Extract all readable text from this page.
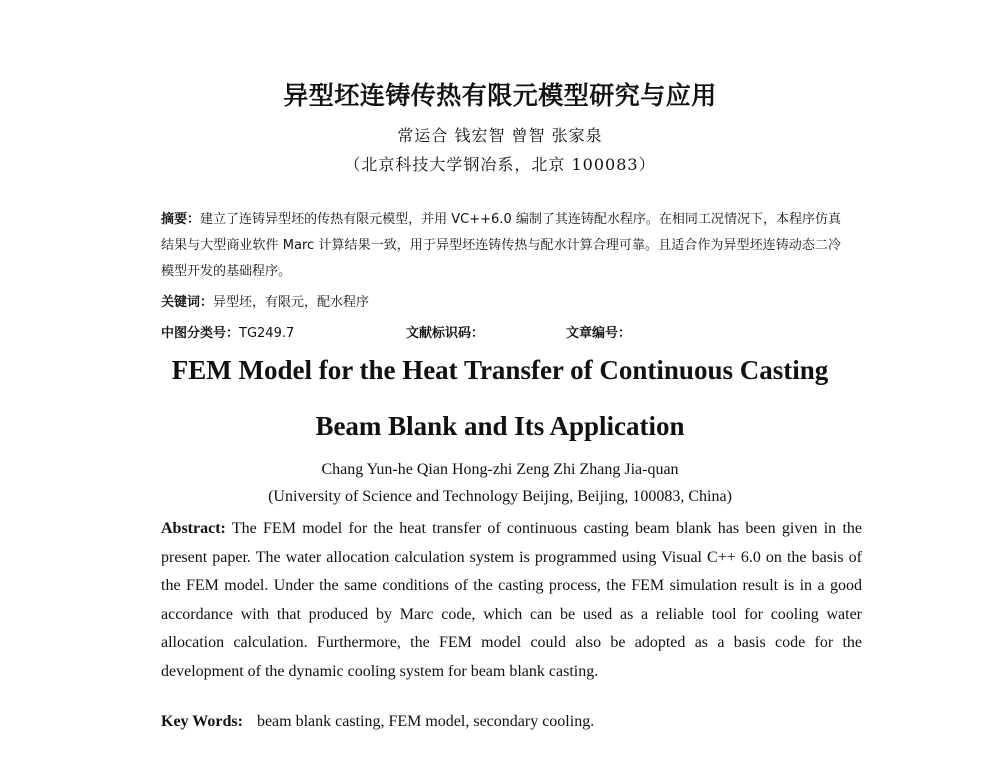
异型坯连铸传热有限元模型研究与应用
常运合 钱宏智 曾智 张家泉
（北京科技大学钢冶系，北京 100083）
摘要：建立了连铸异型坯的传热有限元模型，并用 VC++6.0 编制了其连铸配水程序。在相同工况情况下，本程序仿真结果与大型商业软件 Marc 计算结果一致，用于异型坯连铸传热与配水计算合理可靠。且适合作为异型坯连铸动态二冷模型开发的基础程序。
关键词：异型坯，有限元，配水程序
中图分类号：TG249.7	文献标识码：	文章编号：
FEM Model for the Heat Transfer of Continuous Casting
Beam Blank and Its Application
Chang Yun-he Qian Hong-zhi Zeng Zhi Zhang Jia-quan
(University of Science and Technology Beijing, Beijing, 100083, China)
Abstract: The FEM model for the heat transfer of continuous casting beam blank has been given in the present paper. The water allocation calculation system is programmed using Visual C++ 6.0 on the basis of the FEM model. Under the same conditions of the casting process, the FEM simulation result is in a good accordance with that produced by Marc code, which can be used as a reliable tool for cooling water allocation calculation. Furthermore, the FEM model could also be adopted as a basis code for the development of the dynamic cooling system for beam blank casting.
Key Words: beam blank casting, FEM model, secondary cooling.
